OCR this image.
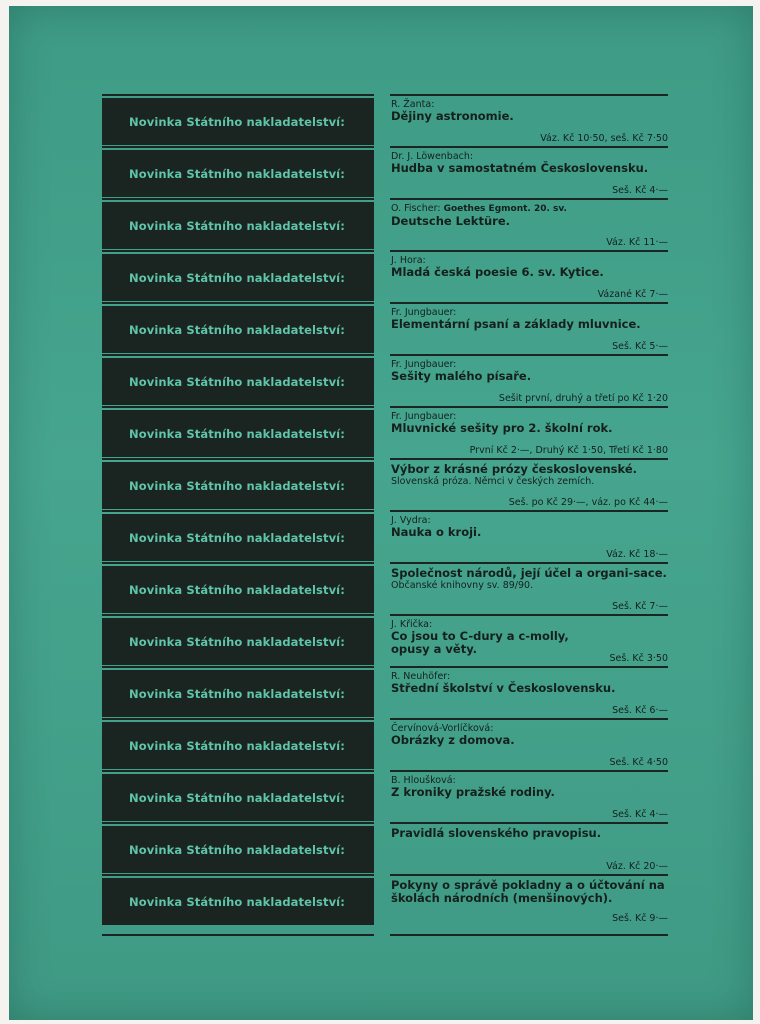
Novinka Státního nakladatelství:
R. Žanta:
Dějiny astronomie.
Váz. Kč 10·50, seš. Kč 7·50
Novinka Státního nakladatelství:
Dr. J. Löwenbach:
Hudba v samostatném Československu.
Seš. Kč 4·—
Novinka Státního nakladatelství:
O. Fischer: Goethes Egmont. 20. sv.
Deutsche Lektüre.
Váz. Kč 11·—
Novinka Státního nakladatelství:
J. Hora:
Mladá česká poesie 6. sv. Kytice.
Vázané Kč 7·—
Novinka Státního nakladatelství:
Fr. Jungbauer:
Elementární psaní a základy mluvnice.
Seš. Kč 5·—
Novinka Státního nakladatelství:
Fr. Jungbauer:
Sešity malého písaře.
Sešit první, druhý a třetí po Kč 1·20
Novinka Státního nakladatelství:
Fr. Jungbauer:
Mluvnické sešity pro 2. školní rok.
První Kč 2·—, Druhý Kč 1·50, Třetí Kč 1·80
Novinka Státního nakladatelství:
Výbor z krásné prózy československé.
Slovenská próza. Němci v českých zemích.
Seš. po Kč 29·—, váz. po Kč 44·—
Novinka Státního nakladatelství:
J. Vydra:
Nauka o kroji.
Váz. Kč 18·—
Novinka Státního nakladatelství:
Společnost národů, její účel a organi-sace.
Občanské knihovny sv. 89/90.
Seš. Kč 7·—
Novinka Státního nakladatelství:
J. Křička:
Co jsou to C-dury a c-molly, opusy a věty.
Seš. Kč 3·50
Novinka Státního nakladatelství:
R. Neuhöfer:
Střední školství v Československu.
Seš. Kč 6·—
Novinka Státního nakladatelství:
Červínová-Vorlíčková:
Obrázky z domova.
Seš. Kč 4·50
Novinka Státního nakladatelství:
B. Hloušková:
Z kroniky pražské rodiny.
Seš. Kč 4·—
Novinka Státního nakladatelství:
Pravidlá slovenského pravopisu.
Váz. Kč 20·—
Novinka Státního nakladatelství:
Pokyny o správě pokladny a o účtování na školách národních (menšinových).
Seš. Kč 9·—
